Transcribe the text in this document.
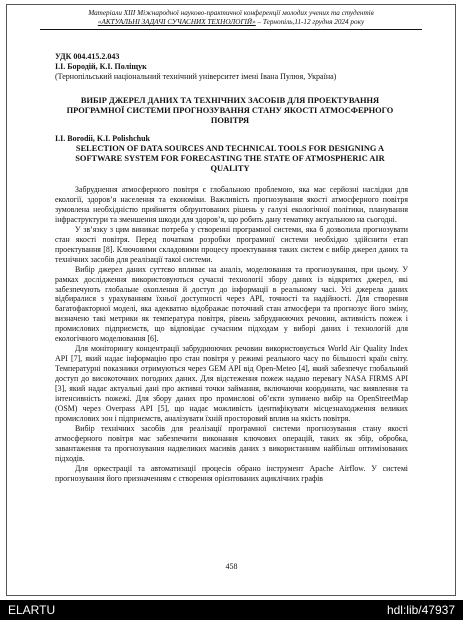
Матеріали XIII Міжнародної науково-практичної конференції молодих учених та студентів
«АКТУАЛЬНІ ЗАДАЧІ СУЧАСНИХ ТЕХНОЛОГІЙ» – Тернопіль,11-12 грудня 2024 року
УДК 004.415.2.043
І.І. Бородій, К.І. Поліщук
(Тернопільський національний технічний університет імені Івана Пулюя, Україна)
ВИБІР ДЖЕРЕЛ ДАНИХ ТА ТЕХНІЧНИХ ЗАСОБІВ ДЛЯ ПРОЕКТУВАННЯ ПРОГРАМНОЇ СИСТЕМИ ПРОГНОЗУВАННЯ СТАНУ ЯКОСТІ АТМОСФЕРНОГО ПОВІТРЯ
I.I. Borodii, K.I. Polishchuk
SELECTION OF DATA SOURCES AND TECHNICAL TOOLS FOR DESIGNING A SOFTWARE SYSTEM FOR FORECASTING THE STATE OF ATMOSPHERIC AIR QUALITY

Забруднення атмосферного повітря є глобальною проблемою, яка має серйозні наслідки для екології, здоров’я населення та економіки. Важливість прогнозування якості атмосферного повітря зумовлена необхідністю прийняття обґрунтованих рішень у галузі екологічної політики, планування інфраструктури та зменшення шкоди для здоров’я, що робить дану тематику актуальною на сьогодні.

У зв’язку з цим виникає потреба у створенні програмної системи, яка б дозволила прогнозувати стан якості повітря. Перед початком розробки програмної системи необхідно здійснити етап проектування [8]. Ключовими складовими процесу проектування таких систем є вибір джерел даних та технічних засобів для реалізації такої системи.

Вибір джерел даних суттєво впливає на аналіз, моделювання та прогнозування, при цьому. У рамках дослідження використовуються сучасні технології збору даних із відкритих джерел, які забезпечують глобальне охоплення й доступ до інформації в реальному часі. Усі джерела даних відбиралися з урахуванням їхньої доступності через API, точності та надійності. Для створення багатофакторної моделі, яка адекватно відображає поточний стан атмосфери та прогнозує його зміну, визначено такі метрики як температура повітря, рівень забруднюючих речовин, активність пожеж і промислових підприємств, що відповідає сучасним підходам у виборі даних і технологій для екологічного моделювання [6].

Для моніторингу концентрації забруднюючих речовин використовується World Air Quality Index API [7], який надає інформацію про стан повітря у режимі реального часу по більшості країн світу. Температурні показники отримуються через GEM API від Open-Meteo [4], який забезпечує глобальний доступ до високоточних погодних даних. Для відстеження пожеж надано перевагу NASA FIRMS API [3], який надає актуальні дані про активні точки займання, включаючи координати, час виявлення та інтенсивність пожежі. Для збору даних про промислові об’єкти зупинено вибір на OpenStreetMap (OSM) через Overpass API [5], що надає можливість ідентифікувати місцезнаходження великих промислових зон і підприємств, аналізувати їхній просторовий вплив на якість повітря.

Вибір технічних засобів для реалізації програмної системи прогнозування стану якості атмосферного повітря має забезпечити виконання ключових операцій, таких як збір, обробка, завантаження та прогнозування надвеликих масивів даних з використанням найбільш оптимізованих підходів.

Для оркестрації та автоматизації процесів обрано інструмент Apache Airflow. У системі прогнозування його призначенням є створення орієнтованих ациклічних графів

458
ELARTU	hdl:lib/47937
